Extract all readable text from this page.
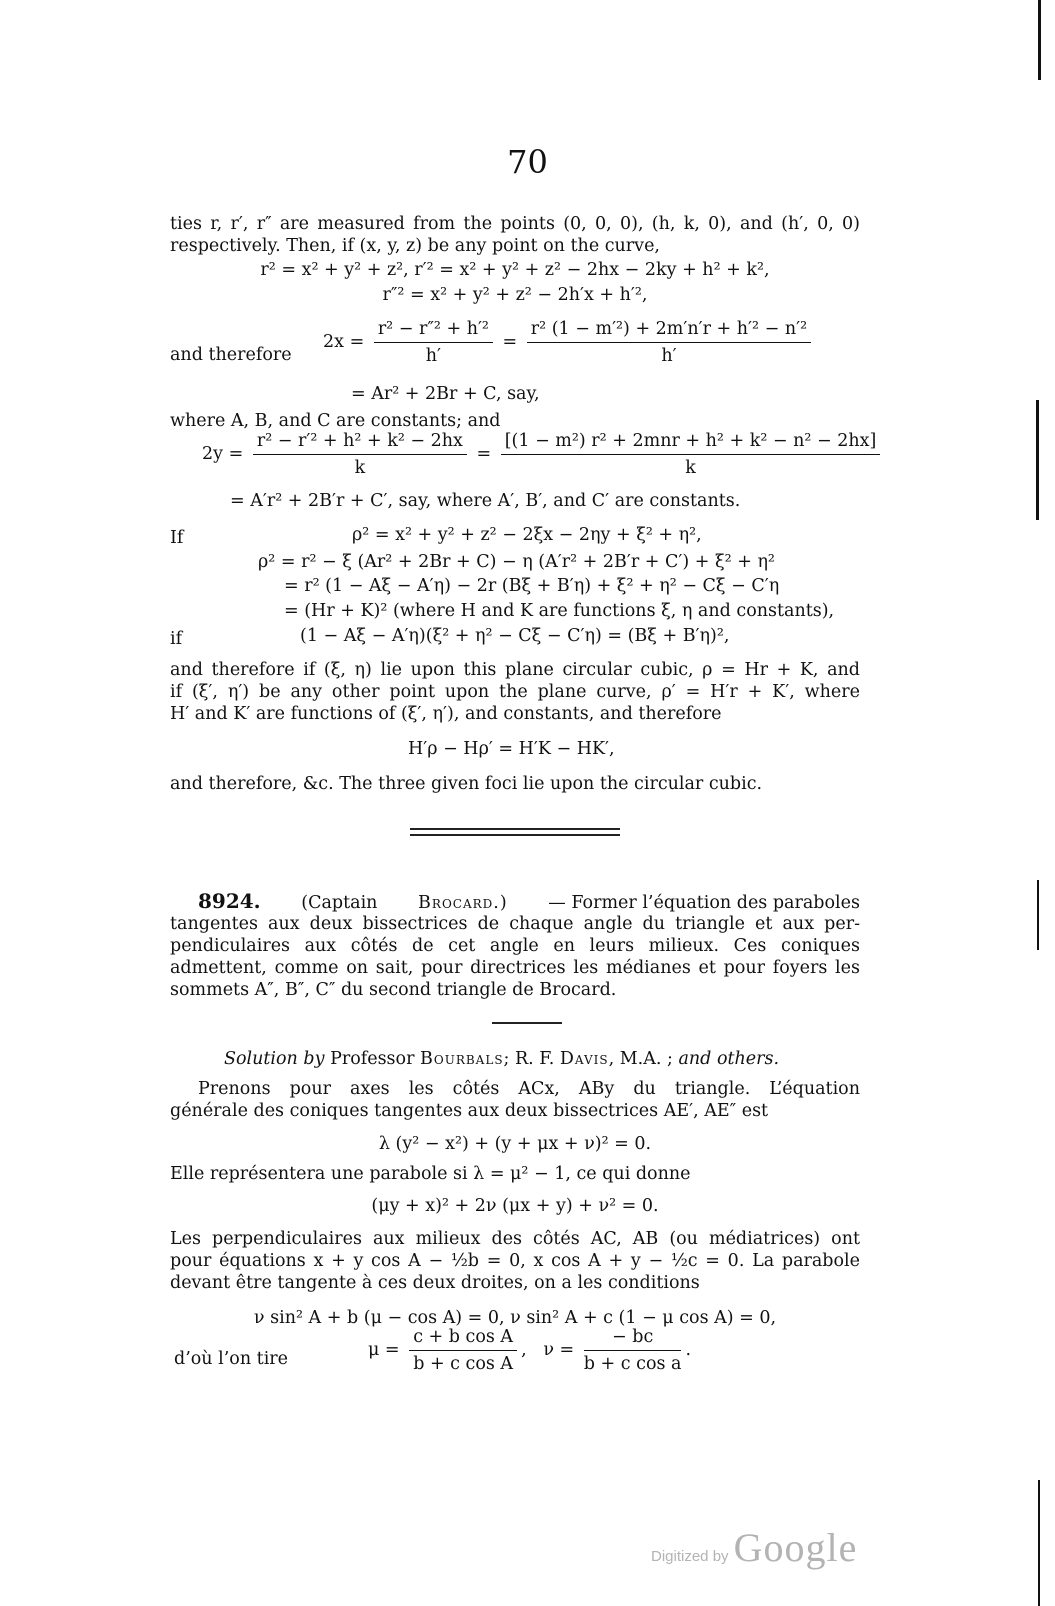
70
ties r, r′, r″ are measured from the points (0, 0, 0), (h, k, 0), and (h′, 0, 0)
respectively. Then, if (x, y, z) be any point on the curve,
r² = x² + y² + z², r′² = x² + y² + z² − 2hx − 2ky + h² + k²,
r″² = x² + y² + z² − 2h′x + h′²,
and therefore
$2x = \frac{\text{r² − r″² + h′²}}{h'} = \frac{\text{r² (1 − m′²) + 2m′n′r + h′² − n′²}}{h'}$
= Ar² + 2Br + C, say,
where A, B, and C are constants; and
$2y = \frac{\text{r² − r′² + h² + k² − 2hx}}{k} = \frac{\text{[(1 − m²) r² + 2mnr + h² + k² − n² − 2hx]}}{k}$
= A′r² + 2B′r + C′, say, where A′, B′, and C′ are constants.
If	ρ² = x² + y² + z² − 2ξx − 2ηy + ξ² + η²,
ρ² = r² − ξ (Ar² + 2Br + C) − η (A′r² + 2B′r + C′) + ξ² + η²
= r² (1 − Aξ − A′η) − 2r (Bξ + B′η) + ξ² + η² − Cξ − C′η
= (Hr + K)² (where H and K are functions ξ, η and constants),
if	(1 − Aξ − A′η)(ξ² + η² − Cξ − C′η) = (Bξ + B′η)²,
and therefore if (ξ, η) lie upon this plane circular cubic, ρ = Hr + K, and
if (ξ′, η′) be any other point upon the plane curve, ρ′ = H′r + K′, where
H′ and K′ are functions of (ξ′, η′), and constants, and therefore
H′ρ − Hρ′ = H′K − HK′,
and therefore, &c. The three given foci lie upon the circular cubic.
8924. (Captain Brocard.) — Former l’équation des paraboles
tangentes aux deux bissectrices de chaque angle du triangle et aux per-
pendiculaires aux côtés de cet angle en leurs milieux. Ces coniques
admettent, comme on sait, pour directrices les médianes et pour foyers les
sommets A″, B″, C″ du second triangle de Brocard.
Solution by Professor Bourbals; R. F. Davis, M.A. ; and others.
Prenons pour axes les côtés ACx, ABy du triangle. L’équation
générale des coniques tangentes aux deux bissectrices AE′, AE″ est
λ (y² − x²) + (y + μx + ν)² = 0.
Elle représentera une parabole si λ = μ² − 1, ce qui donne
(μy + x)² + 2ν (μx + y) + ν² = 0.
Les perpendiculaires aux milieux des côtés AC, AB (ou médiatrices) ont
pour équations x + y cos A − ½b = 0, x cos A + y − ½c = 0. La parabole
devant être tangente à ces deux droites, on a les conditions
ν sin² A + b (μ − cos A) = 0, ν sin² A + c (1 − μ cos A) = 0,
d’où l’on tire	$\mu = \frac{\text{c + b cos A}}{\text{b + c cos A}}$ , $\nu = \frac{- bc}{\text{b + c cos a}}$ .
Digitized by Google
